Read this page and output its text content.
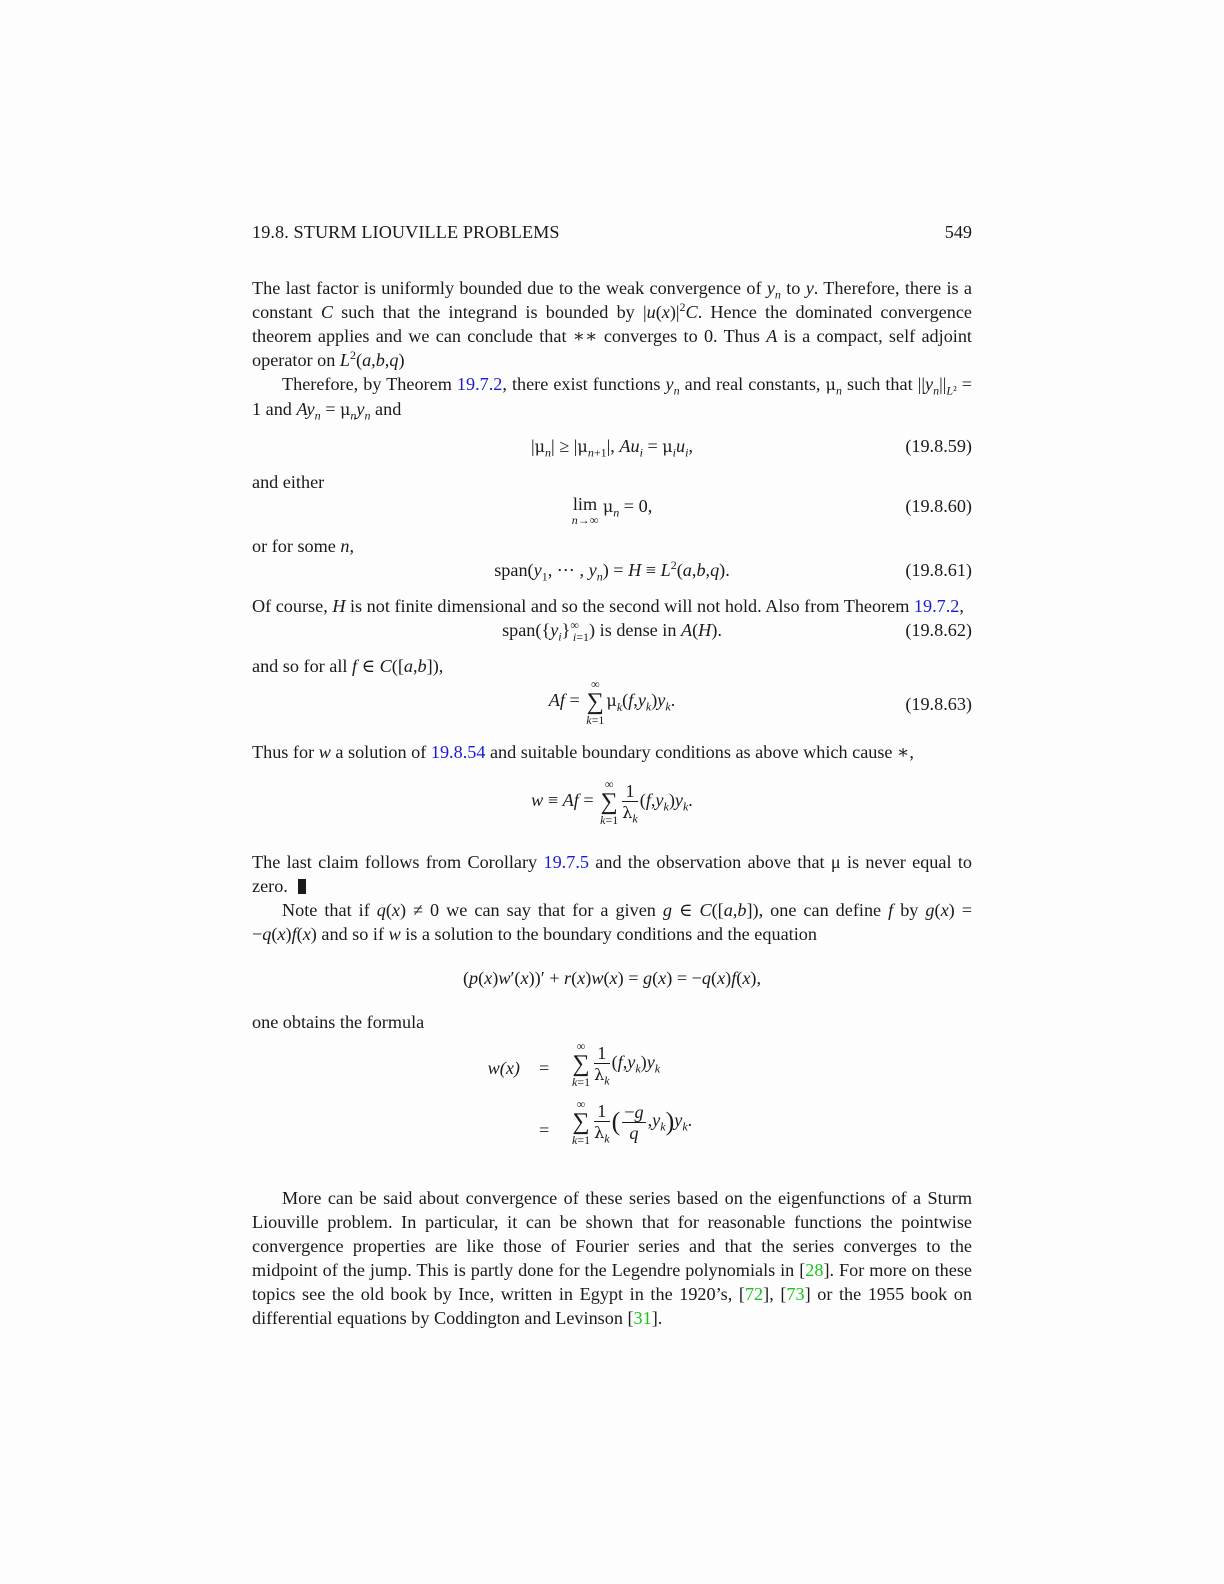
19.8. STURM LIOUVILLE PROBLEMS	549

The last factor is uniformly bounded due to the weak convergence of $y_n$ to y. Therefore, there is a constant C such that the integrand is bounded by $|u(x)|^2C$. Hence the dominated convergence theorem applies and we can conclude that ∗∗ converges to 0. Thus A is a compact, self adjoint operator on $L^2(a,b,q)$

Therefore, by Theorem 19.7.2, there exist functions $y_n$ and real constants, $\mu_n$ such that $||y_n||_{L^2} = 1$ and $Ay_n = \mu_ny_n$ and

$|\mu_n| \ge |\mu_{n+1}|$, $Au_i = \mu_iu_i$,	(19.8.59)

and either

lim
n→∞
$\mu_n = 0$,	(19.8.60)

or for some n,

$span(y_1$, ⋯ , $y_n) = H \equiv L^2(a,b,q)$.	(19.8.61)

Of course, H is not finite dimensional and so the second will not hold. Also from Theorem 19.7.2,

$span(\{y_i\}^\infty_{i=1})$ is dense in A(H).	(19.8.62)

and so for all f ∈ C([a,b]),

Af =
∞
∑
k=1
$\mu_k(f,y_k)y_k$.	(19.8.63)

Thus for w a solution of 19.8.54 and suitable boundary conditions as above which cause ∗,

w ≡ Af =
∞
∑
$k=1 \frac{1}{\lambda_k} (f,y_k)y_k$.

The last claim follows from Corollary 19.7.5 and the observation above that μ is never equal to zero.

Note that if q(x) ≠ 0 we can say that for a given g ∈ C([a,b]), one can define f by g(x) = −q(x)f(x) and so if w is a solution to the boundary conditions and the equation

(p(x)w′(x))′ + r(x)w(x) = g(x) = −q(x)f(x),

one obtains the formula

w(x) =
∞
∑
$k=1 \frac{1}{\lambda_k} (f,y_k)y_k$
=
∞
∑
$k=1 \frac{1}{\lambda_k}$ ( $\frac{-g}{q} ,y_k)y_k$.

More can be said about convergence of these series based on the eigenfunctions of a Sturm Liouville problem. In particular, it can be shown that for reasonable functions the pointwise convergence properties are like those of Fourier series and that the series converges to the midpoint of the jump. This is partly done for the Legendre polynomials in [28]. For more on these topics see the old book by Ince, written in Egypt in the 1920’s, [72], [73] or the 1955 book on differential equations by Coddington and Levinson [31].
